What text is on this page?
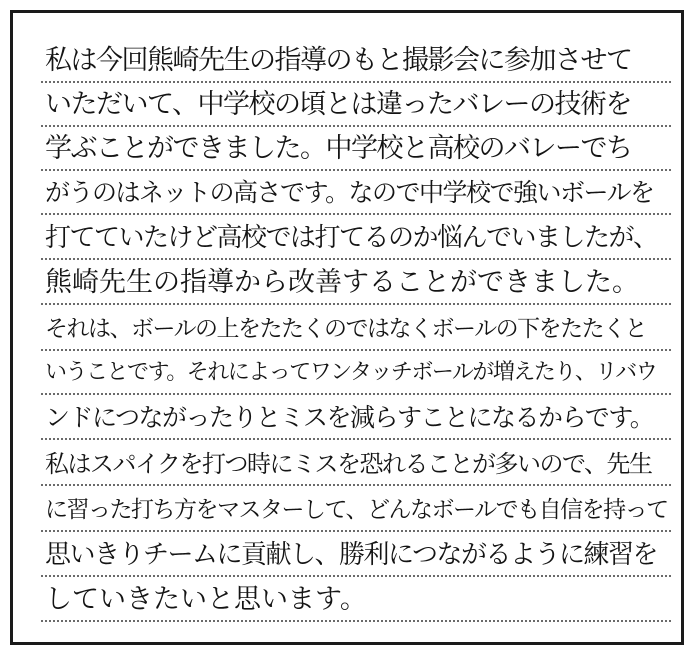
私は今回熊崎先生の指導のもと撮影会に参加させて
いただいて、中学校の頃とは違ったバレーの技術を
学ぶことができました。中学校と高校のバレーでち
がうのはネットの高さです。なので中学校で強いボールを
打てていたけど高校では打てるのか悩んでいましたが、
熊崎先生の指導から改善することができました。
それは、ボールの上をたたくのではなくボールの下をたたくと
いうことです。それによってワンタッチボールが増えたり、リバウ
ンドにつながったりとミスを減らすことになるからです。
私はスパイクを打つ時にミスを恐れることが多いので、先生
に習った打ち方をマスターして、どんなボールでも自信を持って
思いきりチームに貢献し、勝利につながるように練習を
していきたいと思います。
